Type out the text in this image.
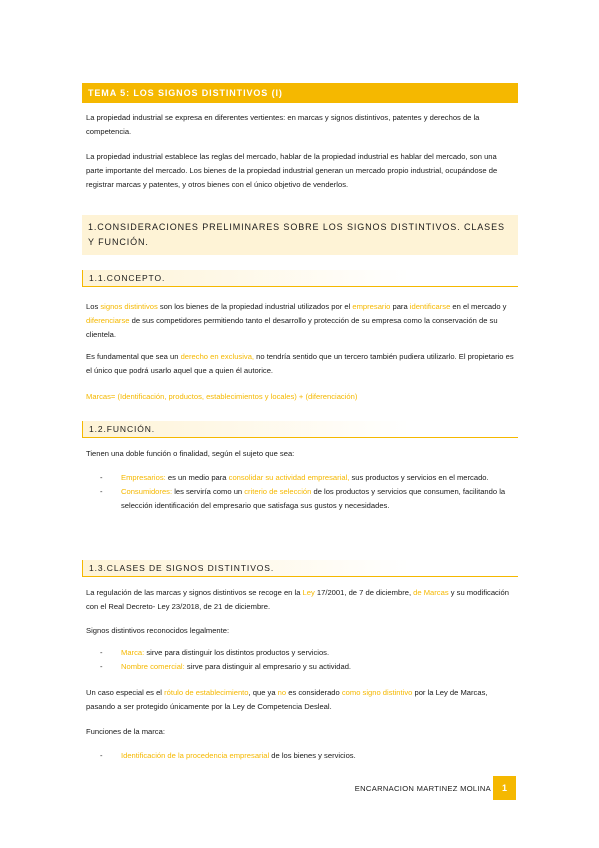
TEMA 5: LOS SIGNOS DISTINTIVOS (I)

La propiedad industrial se expresa en diferentes vertientes: en marcas y signos distintivos, patentes y derechos de la competencia.

La propiedad industrial establece las reglas del mercado, hablar de la propiedad industrial es hablar del mercado, son una parte importante del mercado. Los bienes de la propiedad industrial generan un mercado propio industrial, ocupándose de registrar marcas y patentes, y otros bienes con el único objetivo de venderlos.

1.CONSIDERACIONES PRELIMINARES SOBRE LOS SIGNOS DISTINTIVOS. CLASES Y FUNCIÓN.
1.1.CONCEPTO.

Los signos distintivos son los bienes de la propiedad industrial utilizados por el empresario para identificarse en el mercado y diferenciarse de sus competidores permitiendo tanto el desarrollo y protección de su empresa como la conservación de su clientela.

Es fundamental que sea un derecho en exclusiva, no tendría sentido que un tercero también pudiera utilizarlo. El propietario es el único que podrá usarlo aquel que a quien él autorice.

Marcas= (Identificación, productos, establecimientos y locales) + (diferenciación)

1.2.FUNCIÓN.

Tienen una doble función o finalidad, según el sujeto que sea:

- Empresarios: es un medio para consolidar su actividad empresarial, sus productos y servicios en el mercado.
- Consumidores: les serviría como un criterio de selección de los productos y servicios que consumen, facilitando la selección identificación del empresario que satisfaga sus gustos y necesidades.
1.3.CLASES DE SIGNOS DISTINTIVOS.

La regulación de las marcas y signos distintivos se recoge en la Ley 17/2001, de 7 de diciembre, de Marcas y su modificación con el Real Decreto- Ley 23/2018, de 21 de diciembre.

Signos distintivos reconocidos legalmente:

- Marca: sirve para distinguir los distintos productos y servicios.
- Nombre comercial: sirve para distinguir al empresario y su actividad.

Un caso especial es el rótulo de establecimiento, que ya no es considerado como signo distintivo por la Ley de Marcas, pasando a ser protegido únicamente por la Ley de Competencia Desleal.

Funciones de la marca:

- Identificación de la procedencia empresarial de los bienes y servicios.
ENCARNACION MARTINEZ MOLINA	1
